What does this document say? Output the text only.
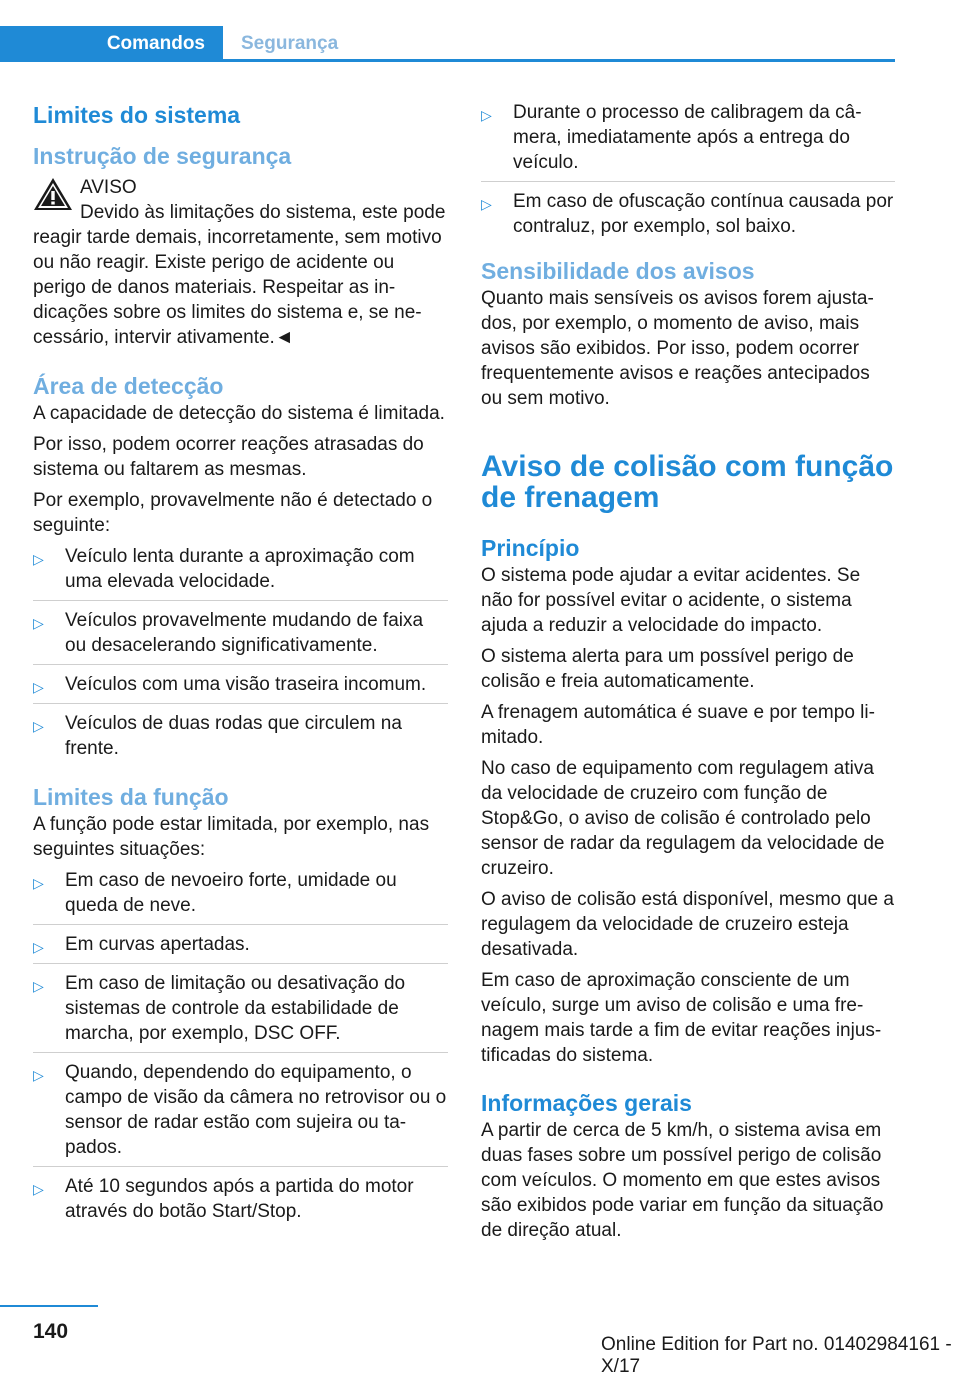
Comandos	Segurança
Limites do sistema
Instrução de segurança
AVISO
Devido às limitações do sistema, este pode reagir tarde demais, incorretamente, sem motivo ou não reagir. Existe perigo de acidente ou perigo de danos materiais. Respeitar as indicações sobre os limites do sistema e, se necessário, intervir ativamente.◄
Área de detecção

A capacidade de detecção do sistema é limitada.

Por isso, podem ocorrer reações atrasadas do sistema ou faltarem as mesmas.

Por exemplo, provavelmente não é detectado o seguinte:

▷ Veículo lenta durante a aproximação com uma elevada velocidade.
▷ Veículos provavelmente mudando de faixa ou desacelerando significativamente.
▷ Veículos com uma visão traseira incomum.
▷ Veículos de duas rodas que circulem na frente.
Limites da função

A função pode estar limitada, por exemplo, nas seguintes situações:

▷ Em caso de nevoeiro forte, umidade ou queda de neve.
▷ Em curvas apertadas.
▷ Em caso de limitação ou desativação do sistemas de controle da estabilidade de marcha, por exemplo, DSC OFF.
▷ Quando, dependendo do equipamento, o campo de visão da câmera no retrovisor ou o sensor de radar estão com sujeira ou tapados.
▷ Até 10 segundos após a partida do motor através do botão Start/Stop.
▷ Durante o processo de calibragem da câmera, imediatamente após a entrega do veículo.
▷ Em caso de ofuscação contínua causada por contraluz, por exemplo, sol baixo.
Sensibilidade dos avisos

Quanto mais sensíveis os avisos forem ajustados, por exemplo, o momento de aviso, mais avisos são exibidos. Por isso, podem ocorrer frequentemente avisos e reações antecipados ou sem motivo.

Aviso de colisão com função de frenagem
Princípio

O sistema pode ajudar a evitar acidentes. Se não for possível evitar o acidente, o sistema ajuda a reduzir a velocidade do impacto.

O sistema alerta para um possível perigo de colisão e freia automaticamente.

A frenagem automática é suave e por tempo limitado.

No caso de equipamento com regulagem ativa da velocidade de cruzeiro com função de Stop&Go, o aviso de colisão é controlado pelo sensor de radar da regulagem da velocidade de cruzeiro.

O aviso de colisão está disponível, mesmo que a regulagem da velocidade de cruzeiro esteja desativada.

Em caso de aproximação consciente de um veículo, surge um aviso de colisão e uma frenagem mais tarde a fim de evitar reações injustificadas do sistema.

Informações gerais

A partir de cerca de 5 km/h, o sistema avisa em duas fases sobre um possível perigo de colisão com veículos. O momento em que estes avisos são exibidos pode variar em função da situação de direção atual.

140
Online Edition for Part no. 01402984161 - X/17
